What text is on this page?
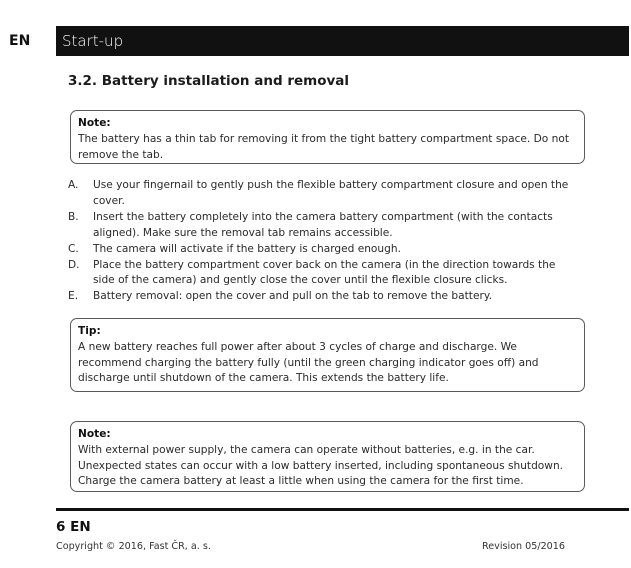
EN	Start-up
3.2. Battery installation and removal
Note:
The battery has a thin tab for removing it from the tight battery compartment space. Do not remove the tab.
A. Use your fingernail to gently push the flexible battery compartment closure and open the cover.
B. Insert the battery completely into the camera battery compartment (with the contacts aligned). Make sure the removal tab remains accessible.
C. The camera will activate if the battery is charged enough.
D. Place the battery compartment cover back on the camera (in the direction towards the side of the camera) and gently close the cover until the flexible closure clicks.
E. Battery removal: open the cover and pull on the tab to remove the battery.
Tip:
A new battery reaches full power after about 3 cycles of charge and discharge. We recommend charging the battery fully (until the green charging indicator goes off) and discharge until shutdown of the camera. This extends the battery life.
Note:
With external power supply, the camera can operate without batteries, e.g. in the car. Unexpected states can occur with a low battery inserted, including spontaneous shutdown. Charge the camera battery at least a little when using the camera for the first time.
6 EN
Copyright © 2016, Fast ČR, a. s.	Revision 05/2016
